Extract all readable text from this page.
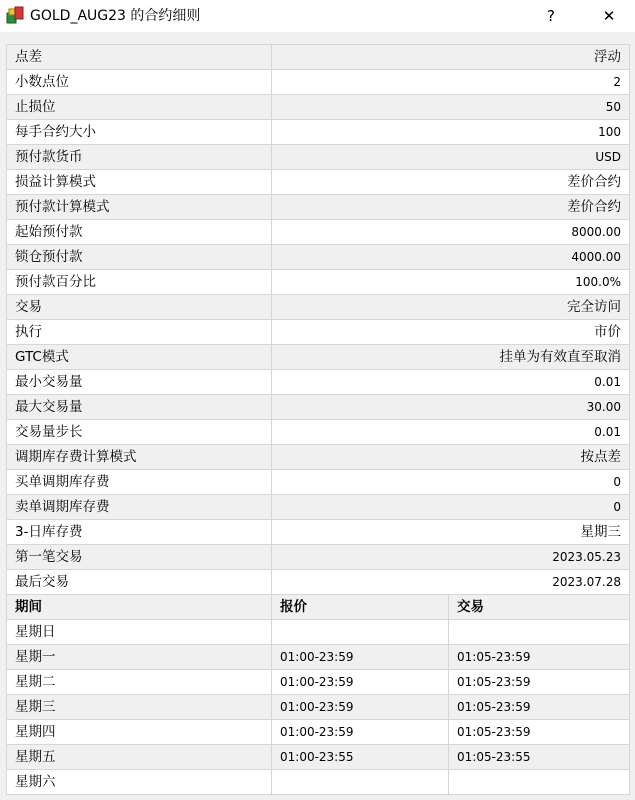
GOLD_AUG23 的合约细则	?	✕
点差	浮动	
小数点位	2	
止损位	50	
每手合约大小	100	
预付款货币	USD	
损益计算模式	差价合约	
预付款计算模式	差价合约	
起始预付款	8000.00	
锁仓预付款	4000.00	
预付款百分比	100.0%	
交易	完全访问	
执行	市价	
GTC模式	挂单为有效直至取消	
最小交易量	0.01	
最大交易量	30.00	
交易量步长	0.01	
调期库存费计算模式	按点差	
买单调期库存费	0	
卖单调期库存费	0	
3-日库存费	星期三	
第一笔交易	2023.05.23	
最后交易	2023.07.28	
期间	报价	交易
星期日		
星期一	01:00-23:59	01:05-23:59
星期二	01:00-23:59	01:05-23:59
星期三	01:00-23:59	01:05-23:59
星期四	01:00-23:59	01:05-23:59
星期五	01:00-23:55	01:05-23:55
星期六		
